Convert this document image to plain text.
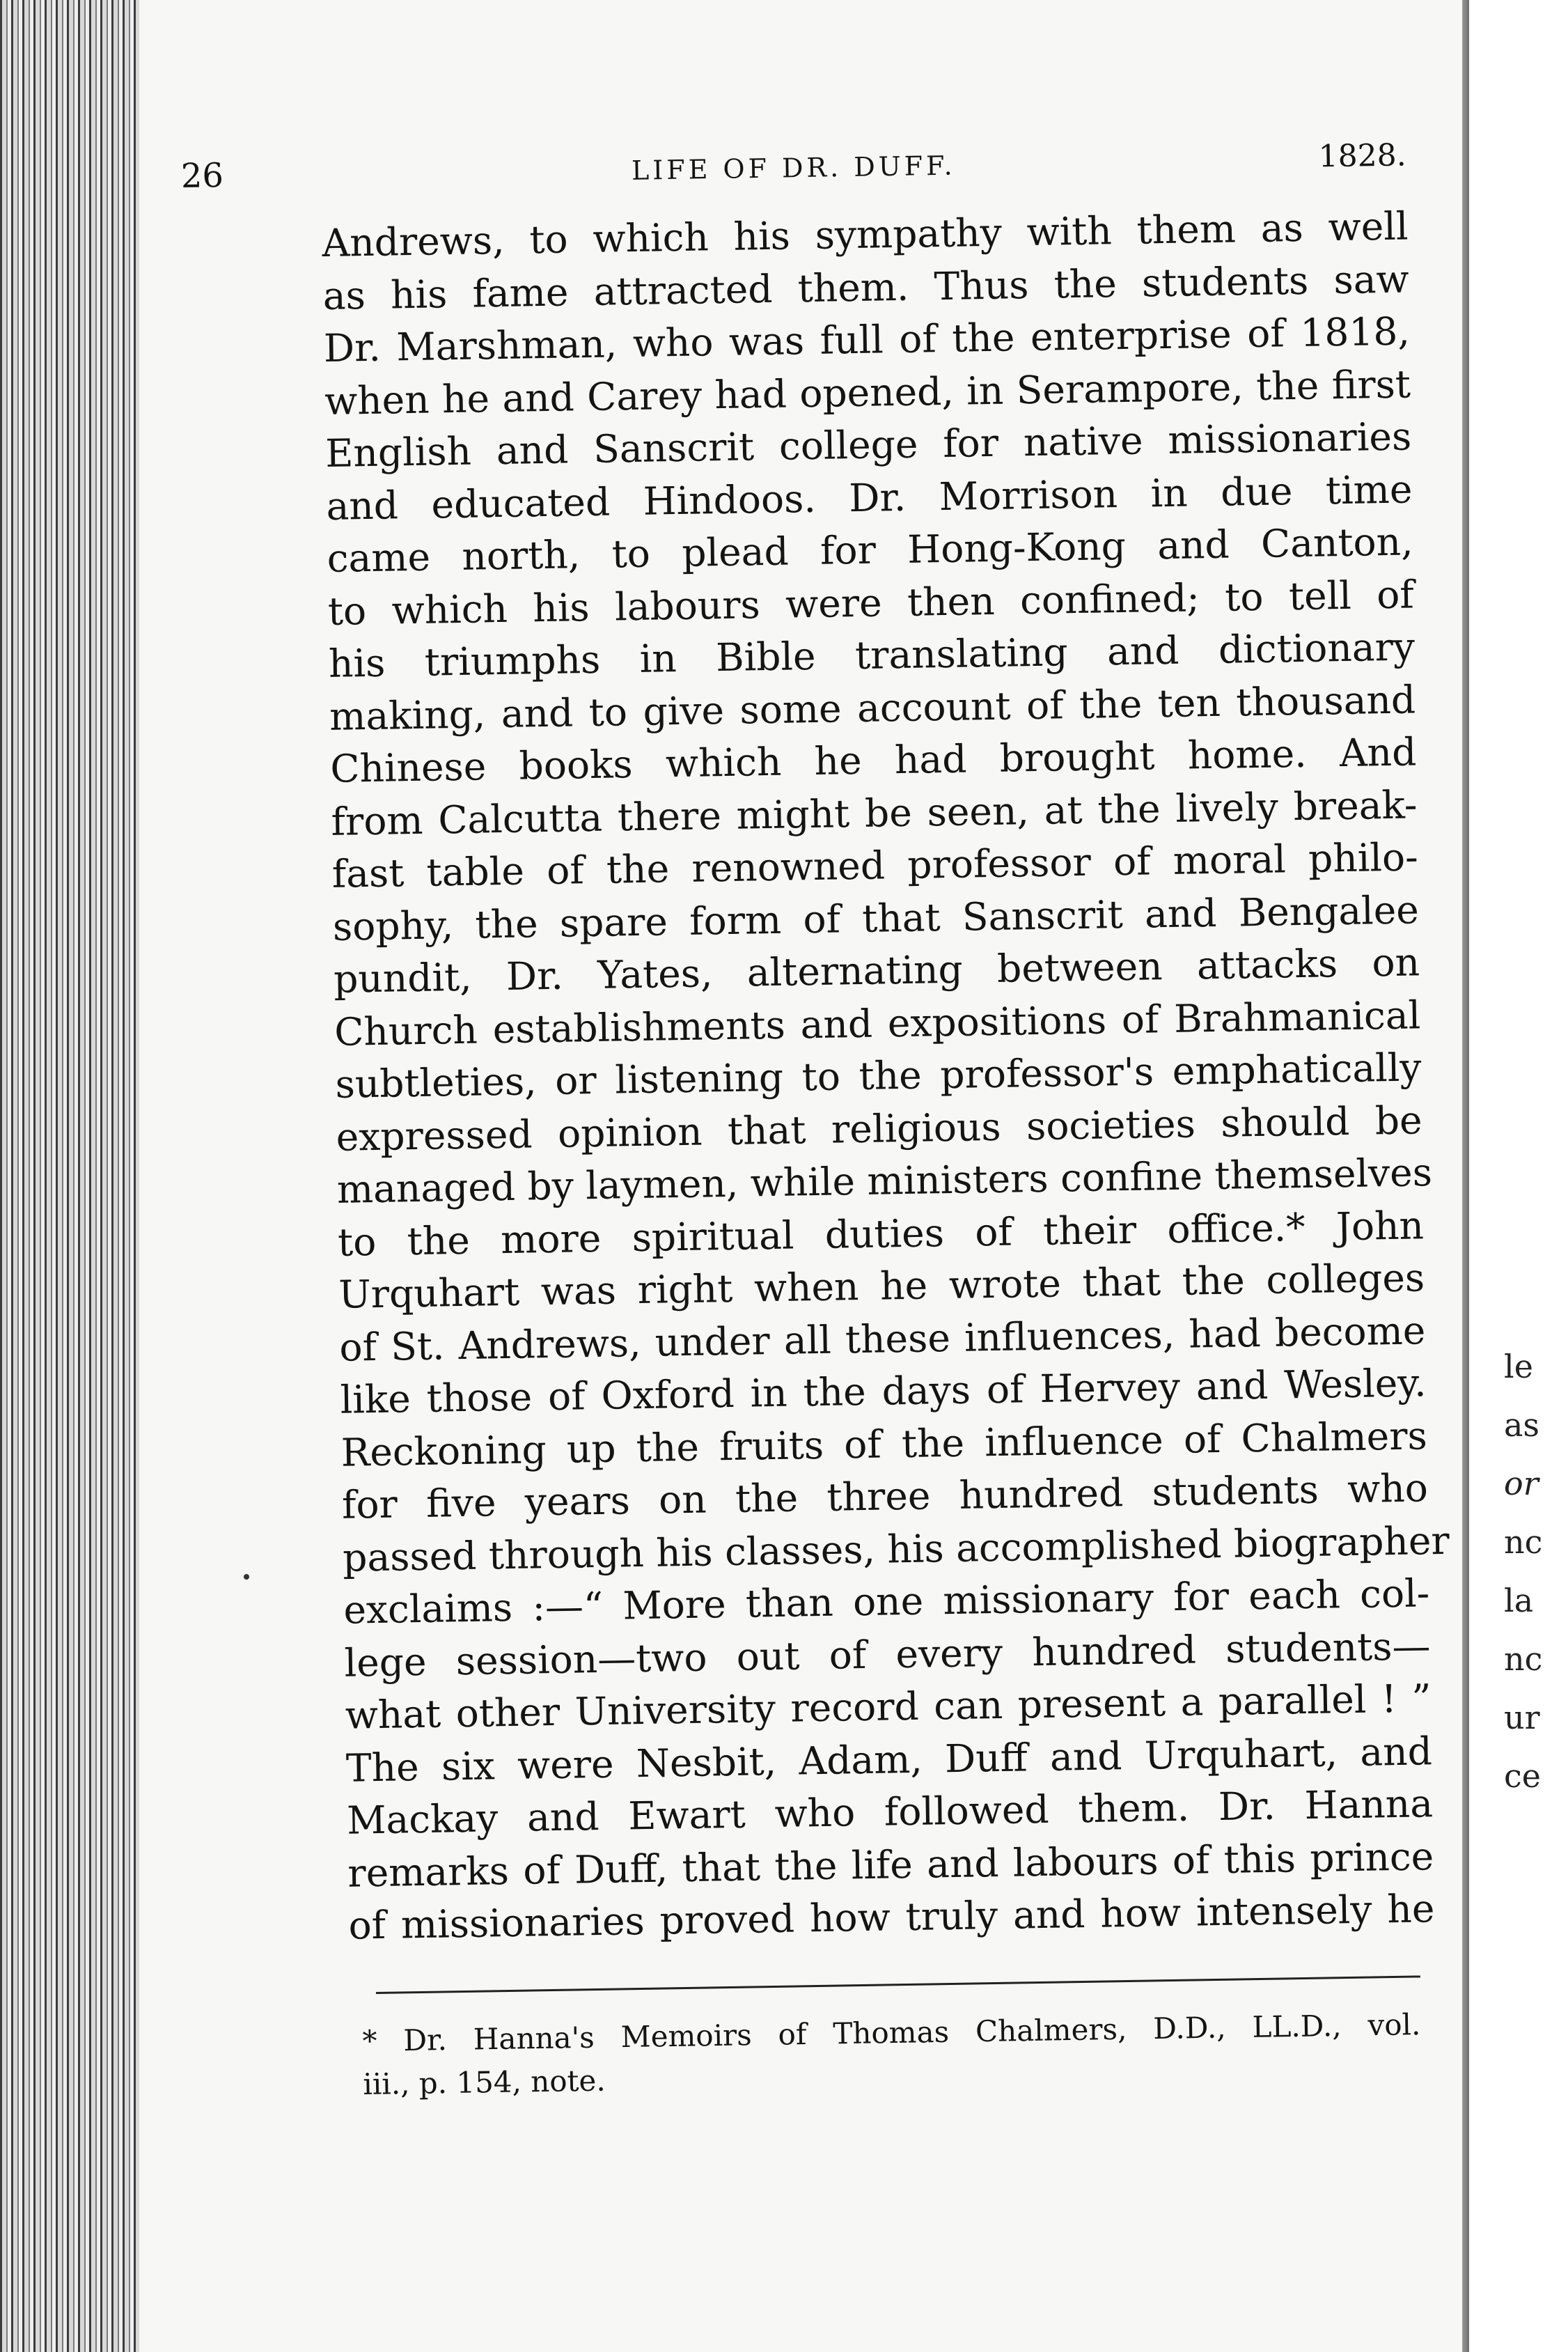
26	LIFE OF DR. DUFF.	1828.
Andrews, to which his sympathy with them as well
as his fame attracted them. Thus the students saw
Dr. Marshman, who was full of the enterprise of 1818,
when he and Carey had opened, in Serampore, the first
English and Sanscrit college for native missionaries
and educated Hindoos. Dr. Morrison in due time
came north, to plead for Hong-Kong and Canton,
to which his labours were then confined; to tell of
his triumphs in Bible translating and dictionary
making, and to give some account of the ten thousand
Chinese books which he had brought home. And
from Calcutta there might be seen, at the lively break-
fast table of the renowned professor of moral philo-
sophy, the spare form of that Sanscrit and Bengalee
pundit, Dr. Yates, alternating between attacks on
Church establishments and expositions of Brahmanical
subtleties, or listening to the professor's emphatically
expressed opinion that religious societies should be
managed by laymen, while ministers confine themselves
to the more spiritual duties of their office.* John
Urquhart was right when he wrote that the colleges
of St. Andrews, under all these influences, had become
like those of Oxford in the days of Hervey and Wesley.
Reckoning up the fruits of the influence of Chalmers
for five years on the three hundred students who
passed through his classes, his accomplished biographer
exclaims :—“ More than one missionary for each col-
lege session—two out of every hundred students—
what other University record can present a parallel ! ”
The six were Nesbit, Adam, Duff and Urquhart, and
Mackay and Ewart who followed them. Dr. Hanna
remarks of Duff, that the life and labours of this prince
of missionaries proved how truly and how intensely he
* Dr. Hanna's Memoirs of Thomas Chalmers, D.D., LL.D., vol.
iii., p. 154, note.
le
as
or
nc
la
nc
ur
ce
